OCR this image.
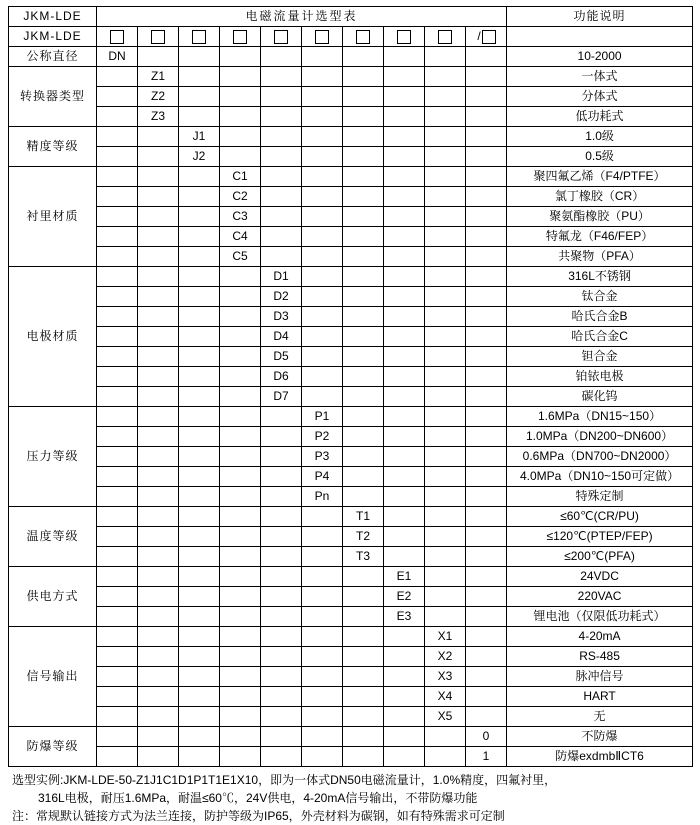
JKM-LDE	电磁流量计选型表										功能说明
JKM-LDE										/	
公称直径	DN										10-2000
转换器类型		Z1									一体式
		Z2									分体式
		Z3									低功耗式
精度等级			J1								1.0级
			J2								0.5级
衬里材质				C1							聚四氟乙烯（F4/PTFE）
				C2							氯丁橡胶（CR）
				C3							聚氨酯橡胶（PU）
				C4							特氟龙（F46/FEP）
				C5							共聚物（PFA）
电极材质					D1						316L不锈钢
					D2						钛合金
					D3						哈氏合金B
					D4						哈氏合金C
					D5						钽合金
					D6						铂铱电极
					D7						碳化钨
压力等级						P1					1.6MPa（DN15~150）
						P2					1.0MPa（DN200~DN600）
						P3					0.6MPa（DN700~DN2000）
						P4					4.0MPa（DN10~150可定做）
						Pn					特殊定制
温度等级							T1				≤60℃(CR/PU)
							T2				≤120℃(PTEP/FEP)
							T3				≤200℃(PFA)
供电方式								E1			24VDC
								E2			220VAC
								E3			锂电池（仅限低功耗式）
信号输出									X1		4-20mA
									X2		RS-485
									X3		脉冲信号
									X4		HART
									X5		无
防爆等级										0	不防爆
										1	防爆exdmbⅡCT6
选型实例:JKM-LDE-50-Z1J1C1D1P1T1E1X10，即为一体式DN50电磁流量计，1.0%精度，四氟衬里，
316L电极，耐压1.6MPa，耐温≤60℃，24V供电，4-20mA信号输出，不带防爆功能
注：常规默认链接方式为法兰连接，防护等级为IP65，外壳材料为碳钢，如有特殊需求可定制
